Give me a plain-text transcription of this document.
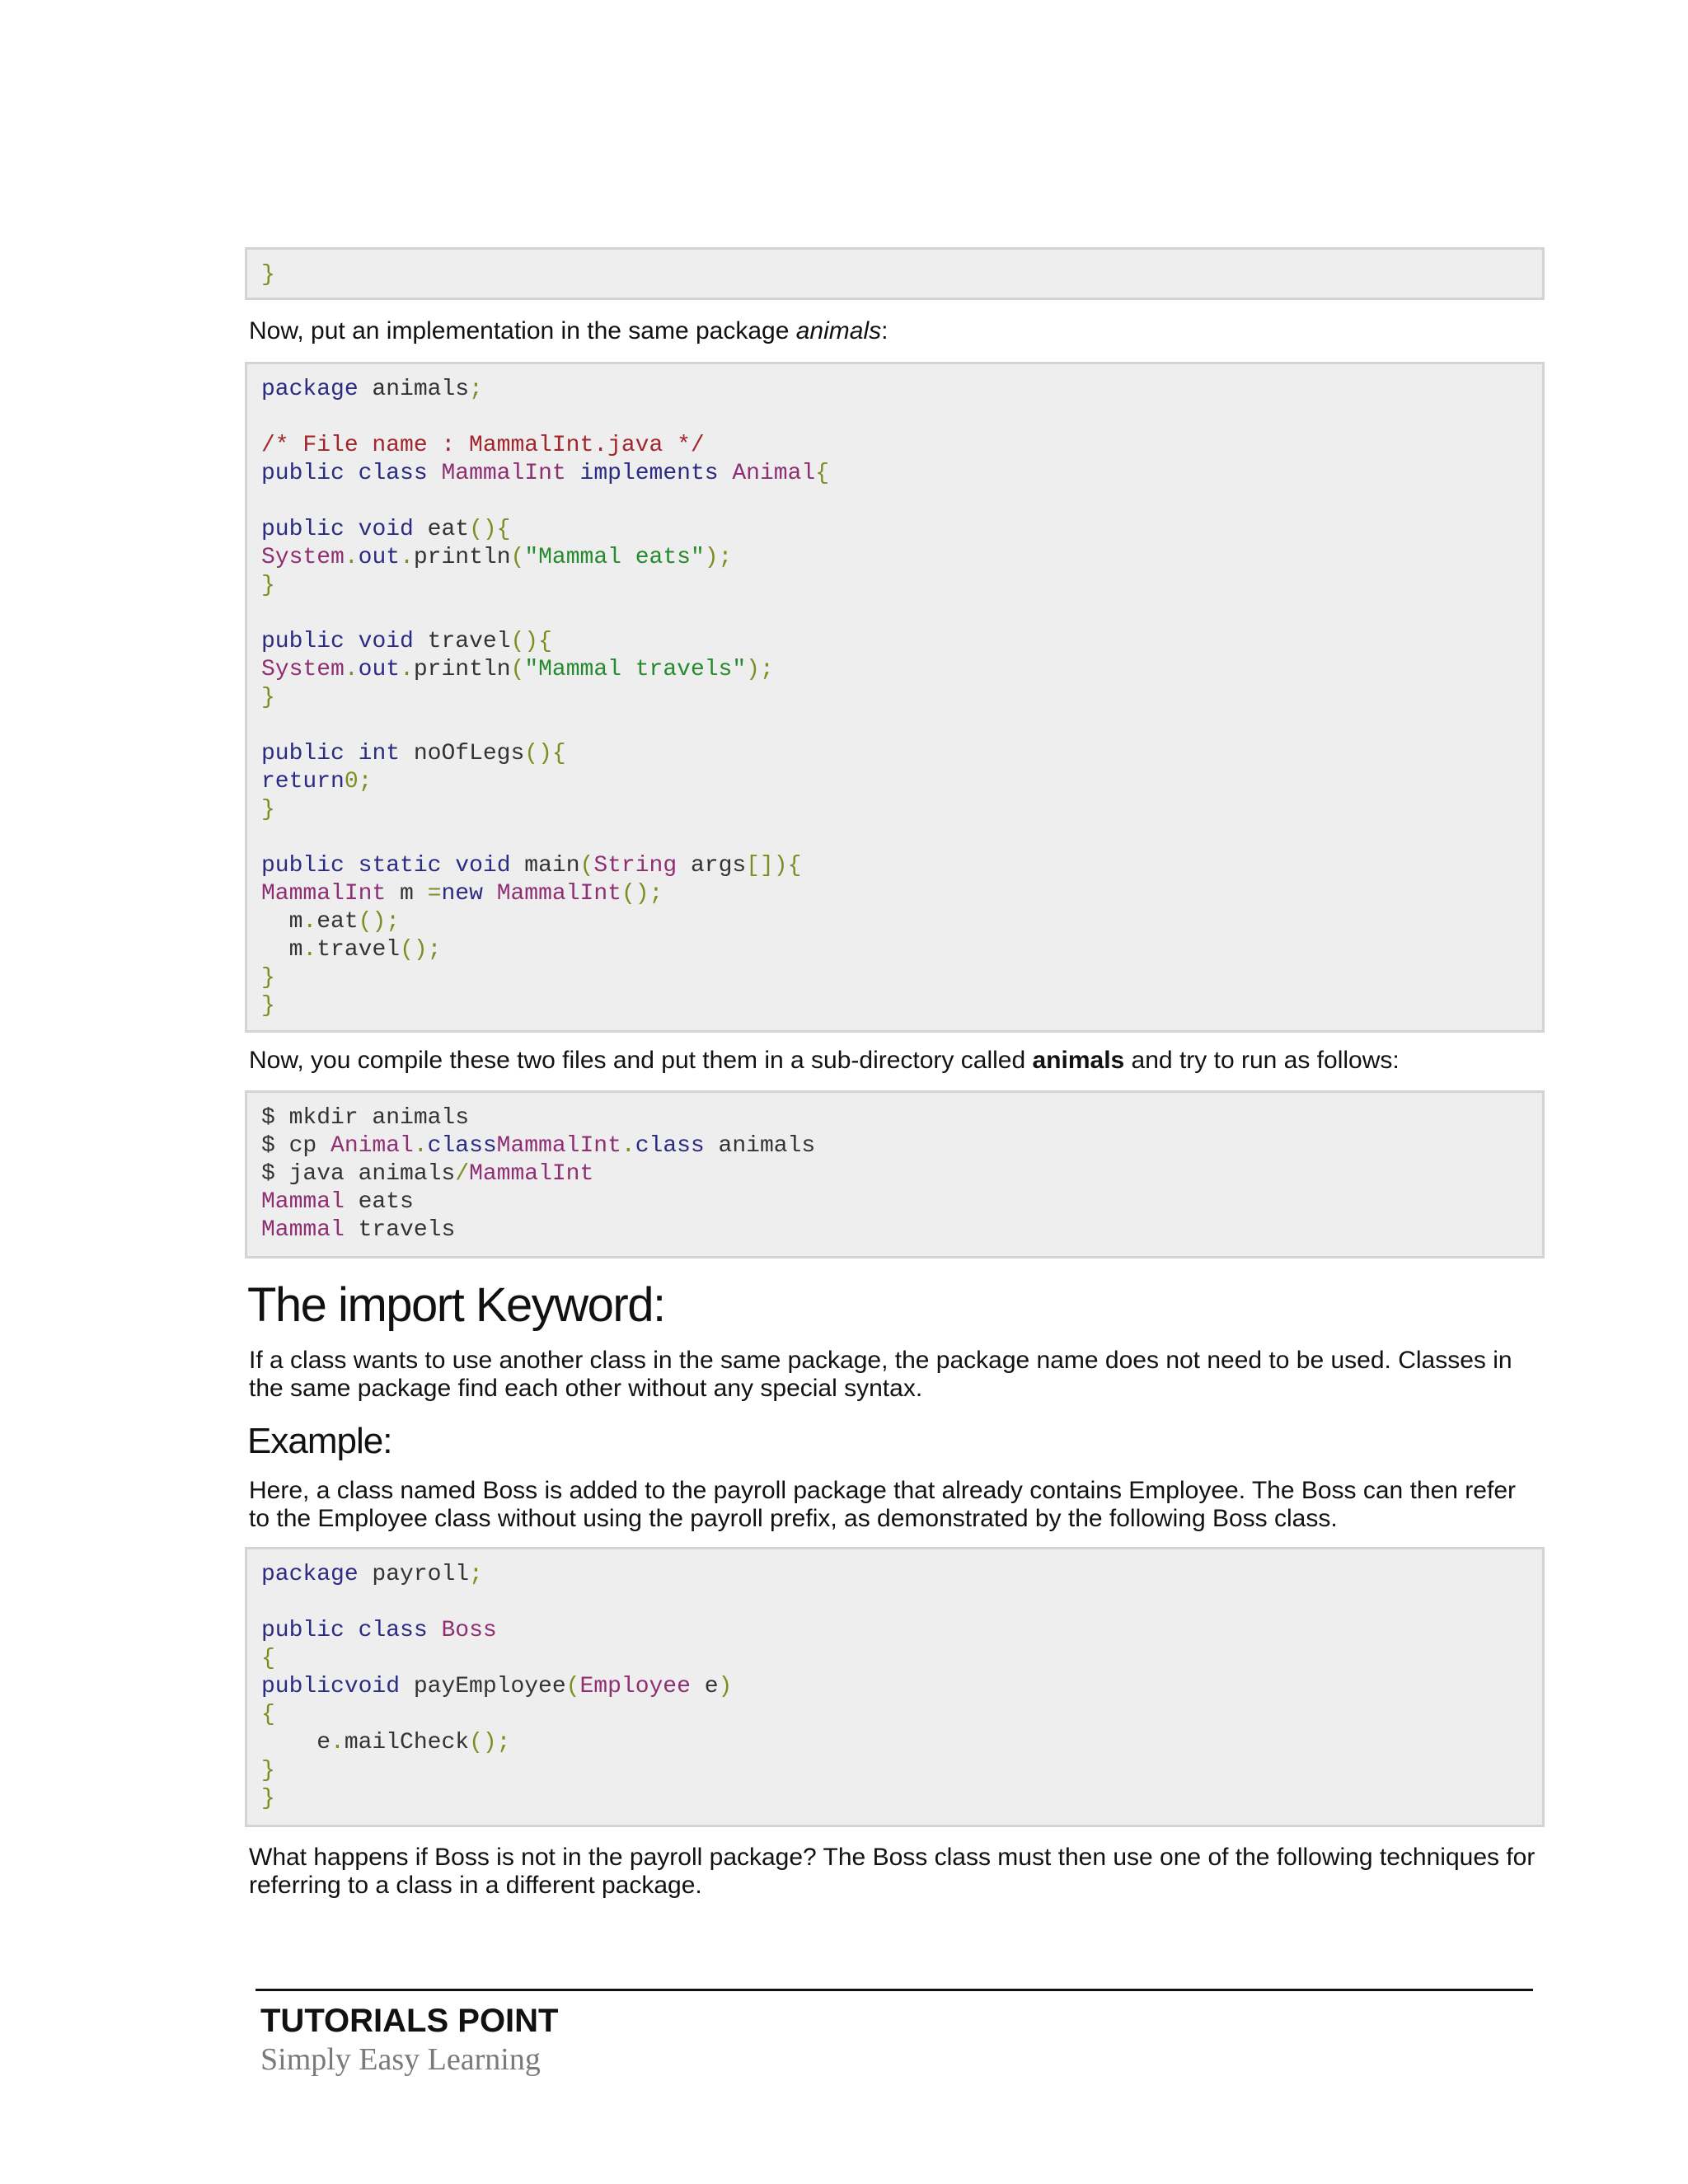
}

Now, put an implementation in the same package animals:

package animals;
/* File name : MammalInt.java */
public class MammalInt implements Animal{
public void eat(){
System.out.println("Mammal eats");
}
public void travel(){
System.out.println("Mammal travels");
}
public int noOfLegs(){
return0;
}
public static void main(String args[]){
MammalInt m =new MammalInt();
m.eat();
m.travel();
}
}

Now, you compile these two files and put them in a sub-directory called animals and try to run as follows:

$ mkdir animals
$ cp Animal.classMammalInt.class animals
$ java animals/MammalInt
Mammal eats
Mammal travels
The import Keyword:

If a class wants to use another class in the same package, the package name does not need to be used. Classes in the same package find each other without any special syntax.

Example:

Here, a class named Boss is added to the payroll package that already contains Employee. The Boss can then refer to the Employee class without using the payroll prefix, as demonstrated by the following Boss class.

package payroll;
public class Boss
{
publicvoid payEmployee(Employee e)
{
e.mailCheck();
}
}

What happens if Boss is not in the payroll package? The Boss class must then use one of the following techniques for referring to a class in a different package.

TUTORIALS POINT
Simply Easy Learning
